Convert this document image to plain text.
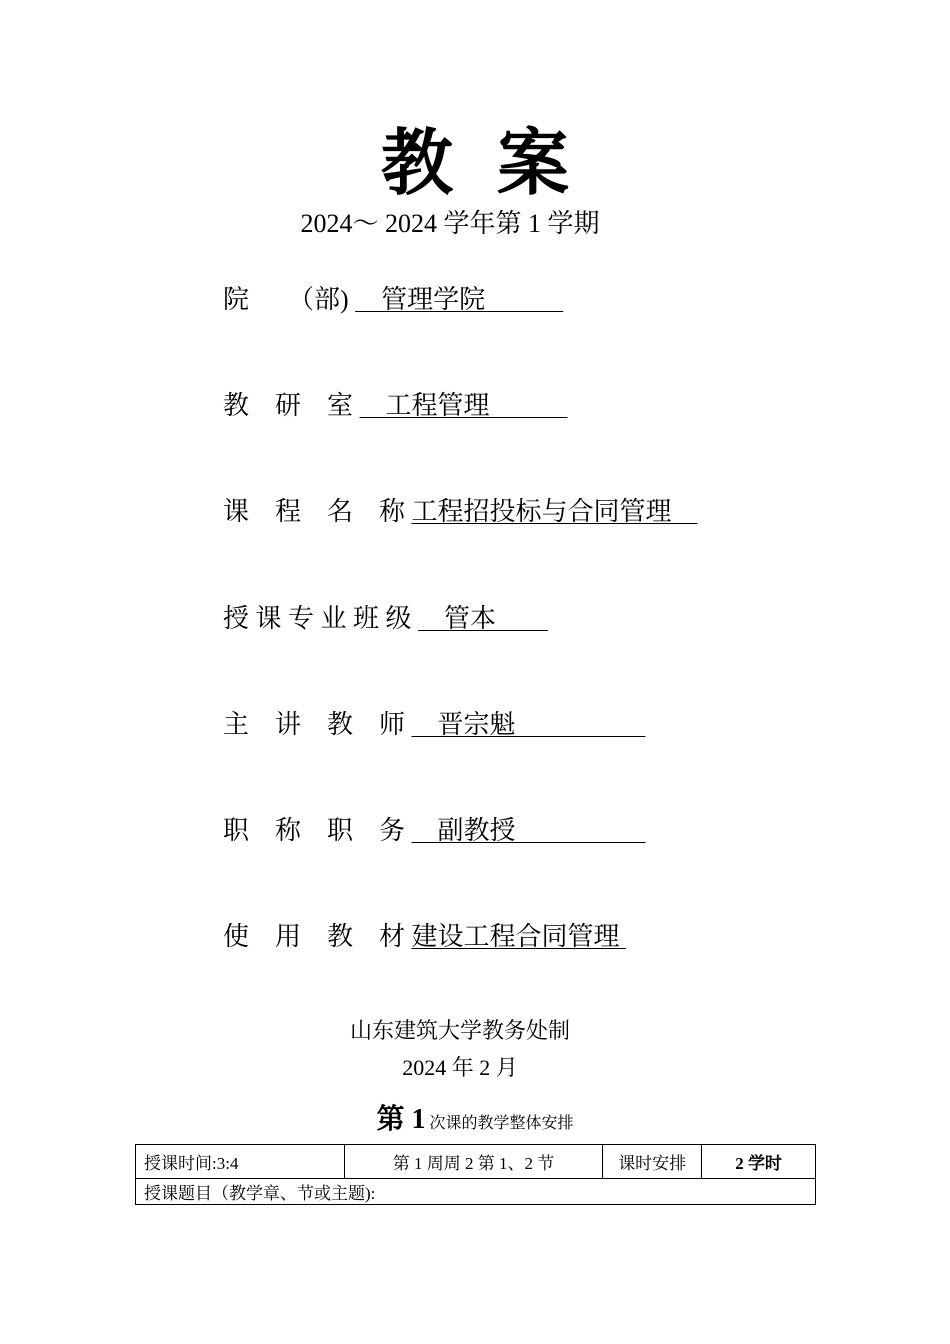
教案
2024～ 2024 学年第 1 学期
院　　（部) 　管理学院　　　
教　研　室 　工程管理　　　
课　程　名　称 工程招投标与合同管理　
授 课 专 业 班 级 　管本　　
主　讲　教　师 　晋宗魁　　　　　
职　称　职　务 　副教授　　　　　
使　用　教　材 建设工程合同管理
山东建筑大学教务处制
2024 年 2 月
第 1 次课的教学整体安排
授课时间:3:4	第 1 周周 2 第 1、2 节	课时安排	2 学时
授课题目（教学章、节或主题):
